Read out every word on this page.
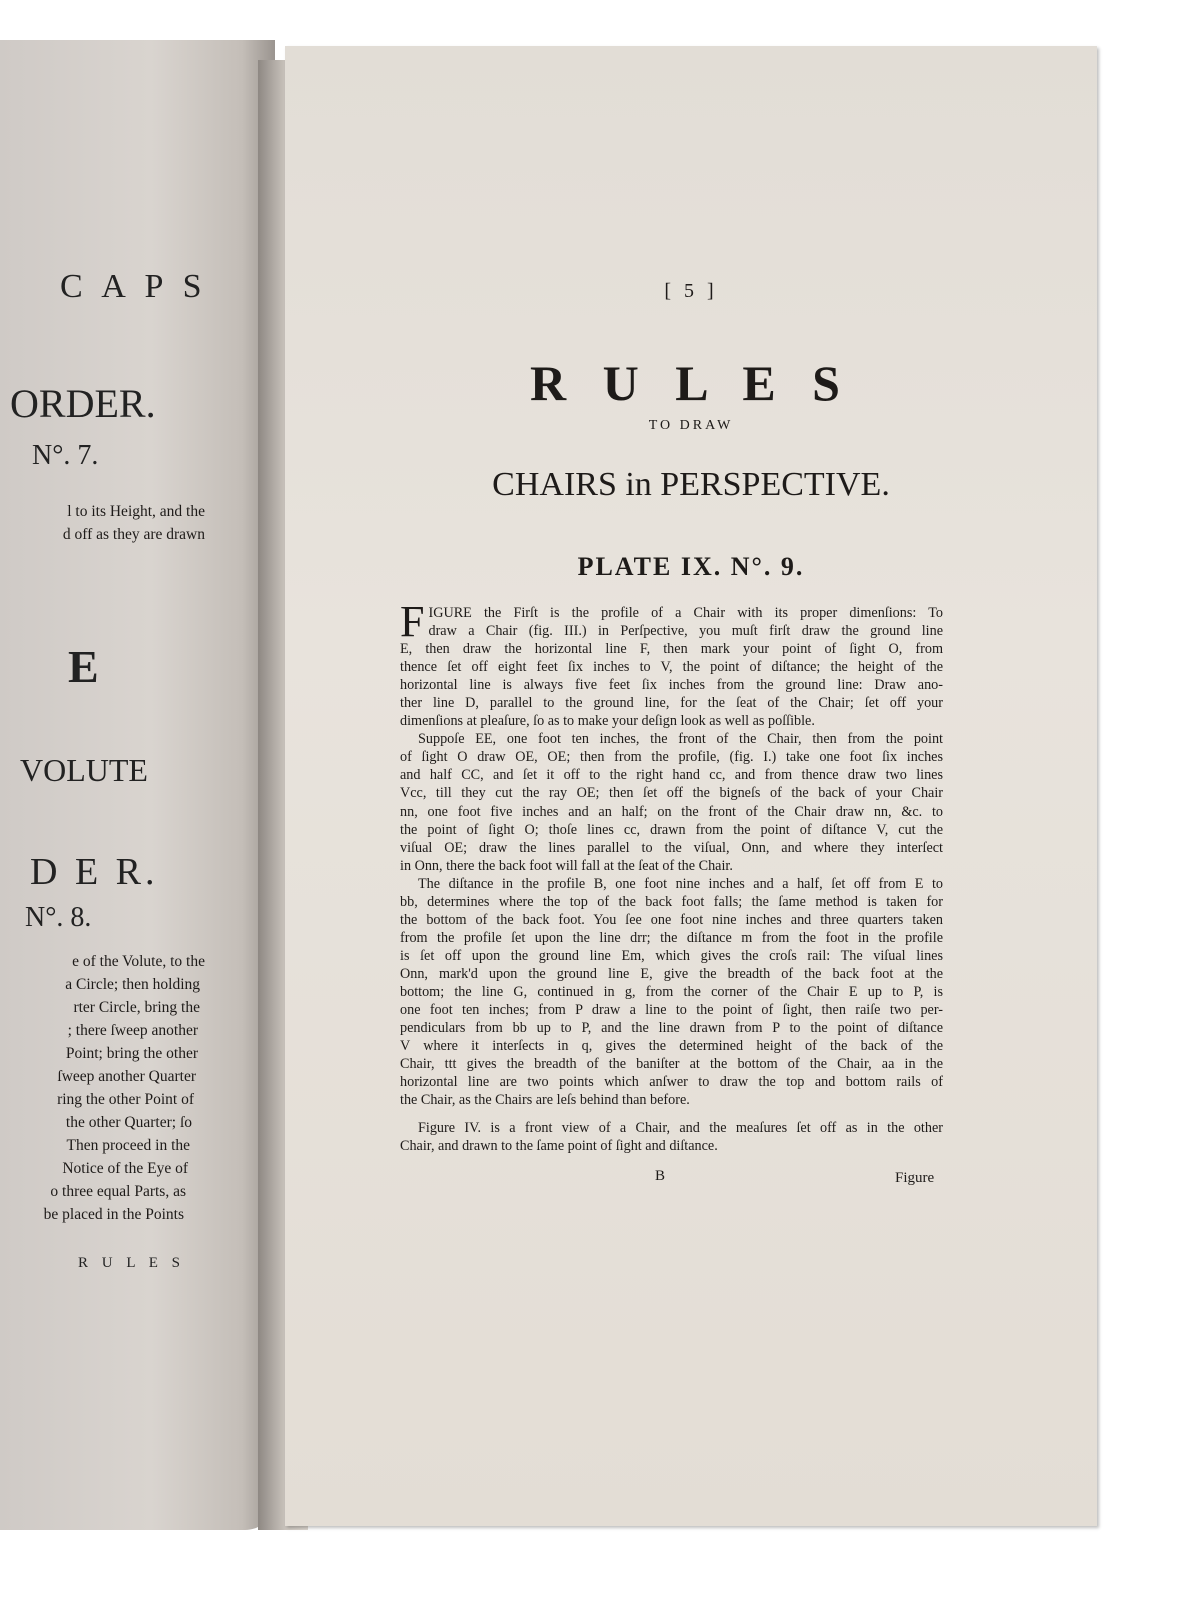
C A P S
ORDER.
N°. 7.
l to its Height, and the
d off as they are drawn
E
VOLUTE
D E R.
N°. 8.
e of the Volute, to the
a Circle; then holding
rter Circle, bring the
; there ſweep another
Point; bring the other
ſweep another Quarter
ring the other Point of
the other Quarter; ſo
Then proceed in the
Notice of the Eye of
o three equal Parts, as
be placed in the Points
R U L E S
[ 5 ]
R U L E S
TO DRAW
CHAIRS in PERSPECTIVE.
PLATE IX. N°. 9.
F IGURE the Firſt is the profile of a Chair with its proper dimenſions: To
draw a Chair (fig. III.) in Perſpective, you muſt firſt draw the ground line
E, then draw the horizontal line F, then mark your point of ſight O, from
thence ſet off eight feet ſix inches to V, the point of diſtance; the height of the
horizontal line is always five feet ſix inches from the ground line: Draw ano-
ther line D, parallel to the ground line, for the ſeat of the Chair; ſet off your
dimenſions at pleaſure, ſo as to make your deſign look as well as poſſible.
Suppoſe EE, one foot ten inches, the front of the Chair, then from the point
of ſight O draw OE, OE; then from the profile, (fig. I.) take one foot ſix inches
and half CC, and ſet it off to the right hand cc, and from thence draw two lines
Vcc, till they cut the ray OE; then ſet off the bigneſs of the back of your Chair
nn, one foot five inches and an half; on the front of the Chair draw nn, &c. to
the point of ſight O; thoſe lines cc, drawn from the point of diſtance V, cut the
viſual OE; draw the lines parallel to the viſual, Onn, and where they interſect
in Onn, there the back foot will fall at the ſeat of the Chair.
The diſtance in the profile B, one foot nine inches and a half, ſet off from E to
bb, determines where the top of the back foot falls; the ſame method is taken for
the bottom of the back foot. You ſee one foot nine inches and three quarters taken
from the profile ſet upon the line drr; the diſtance m from the foot in the profile
is ſet off upon the ground line Em, which gives the croſs rail: The viſual lines
Onn, mark'd upon the ground line E, give the breadth of the back foot at the
bottom; the line G, continued in g, from the corner of the Chair E up to P, is
one foot ten inches; from P draw a line to the point of ſight, then raiſe two per-
pendiculars from bb up to P, and the line drawn from P to the point of diſtance
V where it interſects in q, gives the determined height of the back of the
Chair, ttt gives the breadth of the baniſter at the bottom of the Chair, aa in the
horizontal line are two points which anſwer to draw the top and bottom rails of
the Chair, as the Chairs are leſs behind than before.
Figure IV. is a front view of a Chair, and the meaſures ſet off as in the other
Chair, and drawn to the ſame point of ſight and diſtance.
B	Figure
